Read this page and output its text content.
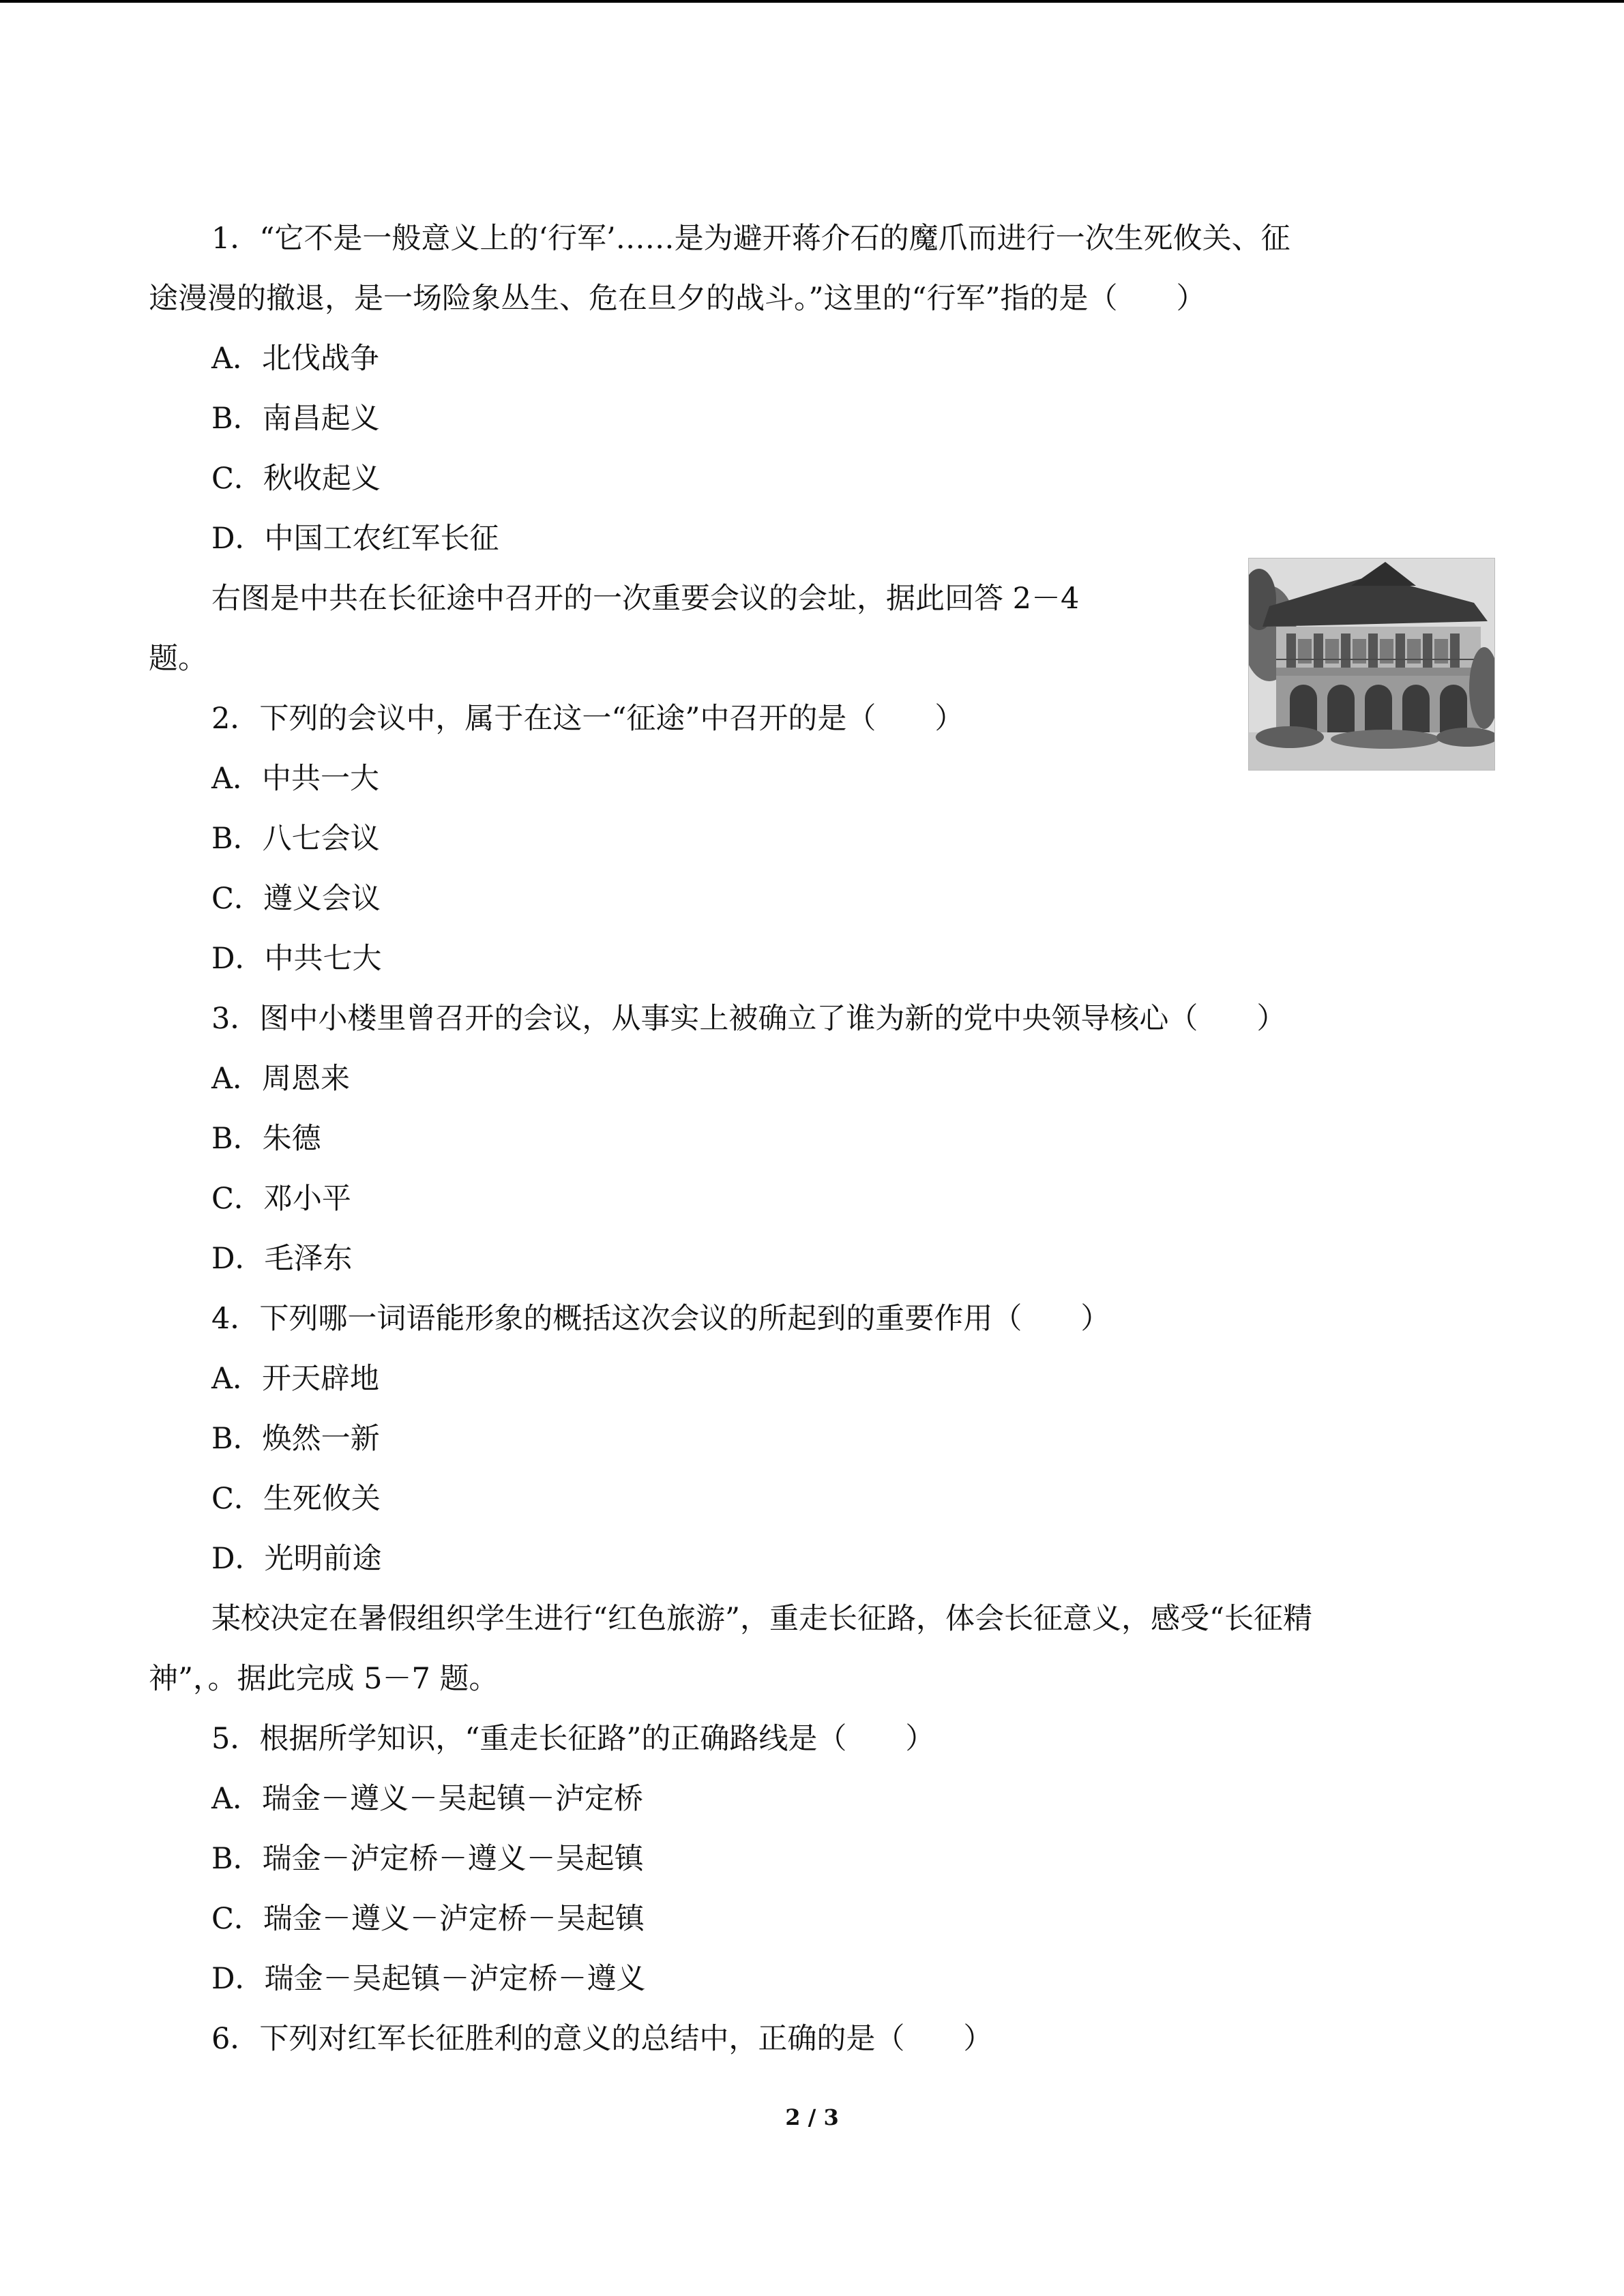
1．“它不是一般意义上的‘行军’……是为避开蒋介石的魔爪而进行一次生死攸关、征
途漫漫的撤退，是一场险象丛生、危在旦夕的战斗。”这里的“行军”指的是（　　）
A．北伐战争
B．南昌起义
C．秋收起义
D．中国工农红军长征
右图是中共在长征途中召开的一次重要会议的会址，据此回答 2－4
题。
2．下列的会议中，属于在这一“征途”中召开的是（　　）
A．中共一大
B．八七会议
C．遵义会议
D．中共七大
3．图中小楼里曾召开的会议，从事实上被确立了谁为新的党中央领导核心（　　）
A．周恩来
B．朱德
C．邓小平
D．毛泽东
4．下列哪一词语能形象的概括这次会议的所起到的重要作用（　　）
A．开天辟地
B．焕然一新
C．生死攸关
D．光明前途
某校决定在暑假组织学生进行“红色旅游”，重走长征路，体会长征意义，感受“长征精
神”，。据此完成 5－7 题。
5．根据所学知识，“重走长征路”的正确路线是（　　）
A．瑞金－遵义－吴起镇－泸定桥
B．瑞金－泸定桥－遵义－吴起镇
C．瑞金－遵义－泸定桥－吴起镇
D．瑞金－吴起镇－泸定桥－遵义
6．下列对红军长征胜利的意义的总结中，正确的是（　　）
2 / 3
